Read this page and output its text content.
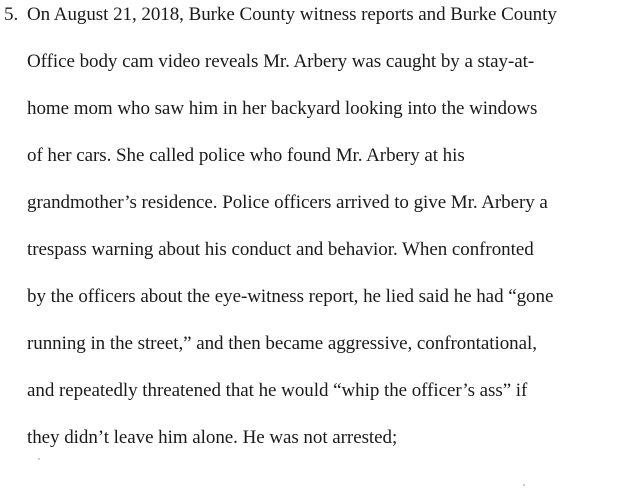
5. On August 21, 2018, Burke County witness reports and Burke County
Office body cam video reveals Mr. Arbery was caught by a stay-at-
home mom who saw him in her backyard looking into the windows
of her cars. She called police who found Mr. Arbery at his
grandmother’s residence. Police officers arrived to give Mr. Arbery a
trespass warning about his conduct and behavior. When confronted
by the officers about the eye-witness report, he lied said he had “gone
running in the street,” and then became aggressive, confrontational,
and repeatedly threatened that he would “whip the officer’s ass” if
they didn’t leave him alone. He was not arrested;
